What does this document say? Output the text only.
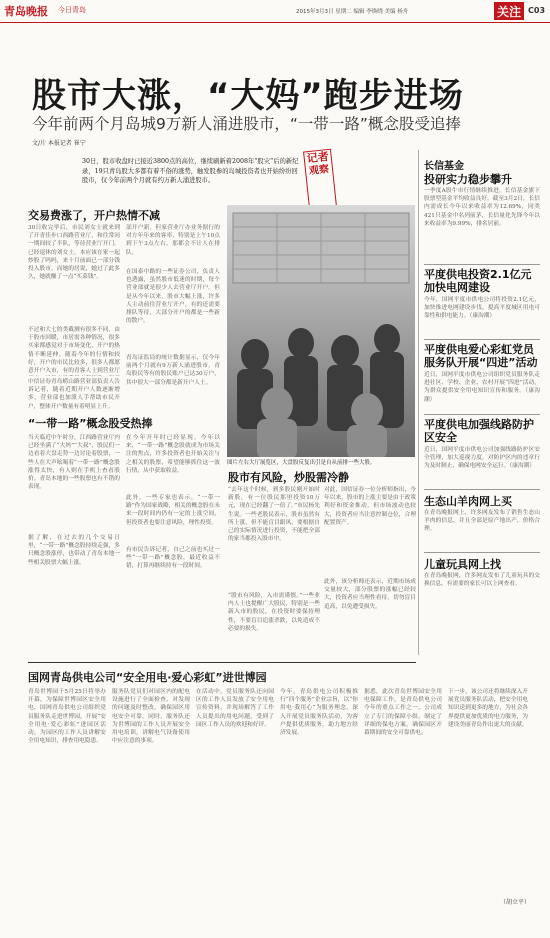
青岛晚报 今日青岛	2015年3月3日 星期二 编辑 李焕晓 美编 杨舟	关注 C03
股市大涨，“大妈”跑步进场
今年前两个月岛城9万新人涌进股市，“一带一路”概念股受追捧
文/片 本报记者 崔宁
30日，股市收盘时已接近3800点的高位，继续刷新着2008年“股灾”后的新纪录，19只青岛股大多都有着不俗的涨势，触发股参的岛城投资者也开始纷纷回股市，仅今年前两个月就有约万新人涌进股市。
记者
观察
交易费涨了，开户热情不减
30日收完毕后，市民刘女士就来到了开青佳步口西路营业厅，和往常同一期间较了半队，等待营业厅开门。已经退休的刘女士，本应该在家一起炒股了吗吗，来十月前面已一部分钱投入股市，而她的居说，她过了此多久，她就赚了一点“买菜钱”。
不过和大七的类截测有很多不同，由于股市回暖，市居需各种情况，很多买家都感觉对于市场变化，开户的热情不断延伸。随着今年的行情和较好，开户的市民比较多，很多人都愿意开户入市，有的青客人士到营业厅
中信证券青岛崂山路营业部负责人告诉记者，随着近期开户人数逐渐增多，营业部也加派人手帮助市民开户，整体开户数量有着明显上升。
部开户新，但家营业厅办业务据行的对方年年来的客率，特别是上午10点到下午3点左右，那都会不计人在排队。
在国泰中路的一些证券公司，负责人也透露，虽然股市低迷的时期，每个营业部就是很少人去营业厅开户。但是从今年以来，股市大幅上涨，许多人主动前往营业厅开户，有的还需要排队等待，大部分开户的都是一些新的散户。
青岛证监局的统计数据显示，仅今年前两个月就有9万新人涌进股市，青岛股民等有的股民账户已达30万户，其中很大一部分都是新开户人士。
“一带一路”概念股受热捧
当天临近中午时分，江西路营业厅内已经坐满了“大妈”“大叔”，股民们一边看着大盘走势一边讨论着股票，一些人在大声吆喝着“一带一路”概念股涨得太快，有人则在手机上查看股价。青岛本地的一些股票也有不错的表现。
据了解，在过去的几个交易日里，“一带一路”概念股持续走强，多只概念股涨停，也带动了青岛本地一些相关股票大幅上涨。
在今年开年时已经显现。今年以来，“一带一路”概念股就成为市场关注的焦点，许多投资者也开始关注与之相关的股票，希望能够抓住这一波行情，从中获取收益。
此外，一些专家也表示，“一带一路”作为国家战略，相关的概念股在未来一段时间内仍有一定的上涨空间，但投资者也要注意风险，理性投资。
有市民告诉记者，自己之前也买过一些“一带一路”概念股，最近收益不错，打算再继续持有一段时间。
图片左右大厅展览区，大盘股反复出引是自从前排一些大股。
股市有风险，炒股需冷静
“去年这个时候，到多股民刚开始时新股，有一位股民那里投资10万元，现在已经翻了一倍了。”市民杨先生说。一些老股民表示，股市虽然有所上涨，但不能盲目跟风，要根据自己的实际情况进行投资，不能把全部的家当都投入股市中。
“股市有风险，入市需谨慎。”一些业内人士也提醒广大股民，特别是一些新入市的股民，在投资时要保持理性，不要盲目追涨杀跌，以免造成不必要的损失。
对此，国信证券一位分析师指出，今年以来，股市的上涨主要是由于政策利好和资金推动，但市场波动也较大，投资者应当注意控制仓位，合理配置资产。
此外，该分析师还表示，近期市场成交量较大，部分股票的涨幅已经较大，投资者应当理性看待，切勿盲目追高，以免遭受损失。
长信基金
投研实力稳步攀升
一季度A股牛市行情继续推进，长信基金旗下股票型基金平均收益良好。截至3月2日，长信内需成长今年以来收益率为12.69%，同类421只基金中名列前茅，长信量化先锋今年以来收益率为9.99%，排名居前。
平度供电投资2.1亿元加快电网建设
今年，国网平度市供电公司将投资2.1亿元，加快推进电网建设步伐，提高平度城区用电可靠性和供电能力。（康沟潮）
平度供电爱心彩虹党员服务队开展“四进”活动
近日，国网平度市供电公司组织党员服务队走进社区、学校、企业、农村开展“四进”活动，为群众提供安全用电知识宣传和服务。（康沟潮）
平度供电加强线路防护区安全
近日，国网平度市供电公司加强线路防护区安全管理，加大巡视力度，对防护区内的违章行为及时制止，确保电网安全运行。（康沟潮）
生态山羊肉网上买
在青岛晚报网上，许多网友发布了销售生态山羊肉的信息，并且全部是原产地出产，价格合理。
儿童玩具网上找
在青岛晚报网，许多网友发布了儿童玩具的交换信息，有需要的家长可以上网查看。
国网青岛供电公司“安全用电·爱心彩虹”进世博园
青岛世博园于5月25日将举办开幕，为保障世博园区安全用电，国网青岛供电公司组织党员服务队走进世博园，开展“安全用电·爱心彩虹”进园区活动，为园区的工作人员讲解安全用电知识，排查用电隐患。
服务队党员们对园区内的配电设施进行了全面检查，对发现的问题及时整改，确保园区用电安全可靠。同时，服务队还为世博园的工作人员开展安全用电培训，讲解电气设备使用中应注意的事项。
在活动中，党员服务队还向园区的工作人员发放了安全用电宣传资料，并现场解答了工作人员提出的用电问题，受到了园区工作人员的欢迎和好评。
今年，青岛供电公司积极推行“四个服务”企业宗旨，以“你用电·我用心”为服务理念，深入开展党员服务队活动，为客户提供优质服务，助力地方经济发展。
据悉，此次青岛世博园安全用电保障工作，是青岛供电公司今年的重点工作之一，公司成立了专门的保障小组，制定了详细的保电方案，确保园区开幕期间的安全可靠供电。
下一步，该公司还将继续深入开展党员服务队活动，把安全用电知识送到更多的地方，为社会各界提供更加优质的电力服务，为建设美丽青岛作出更大的贡献。
（胡立平）
